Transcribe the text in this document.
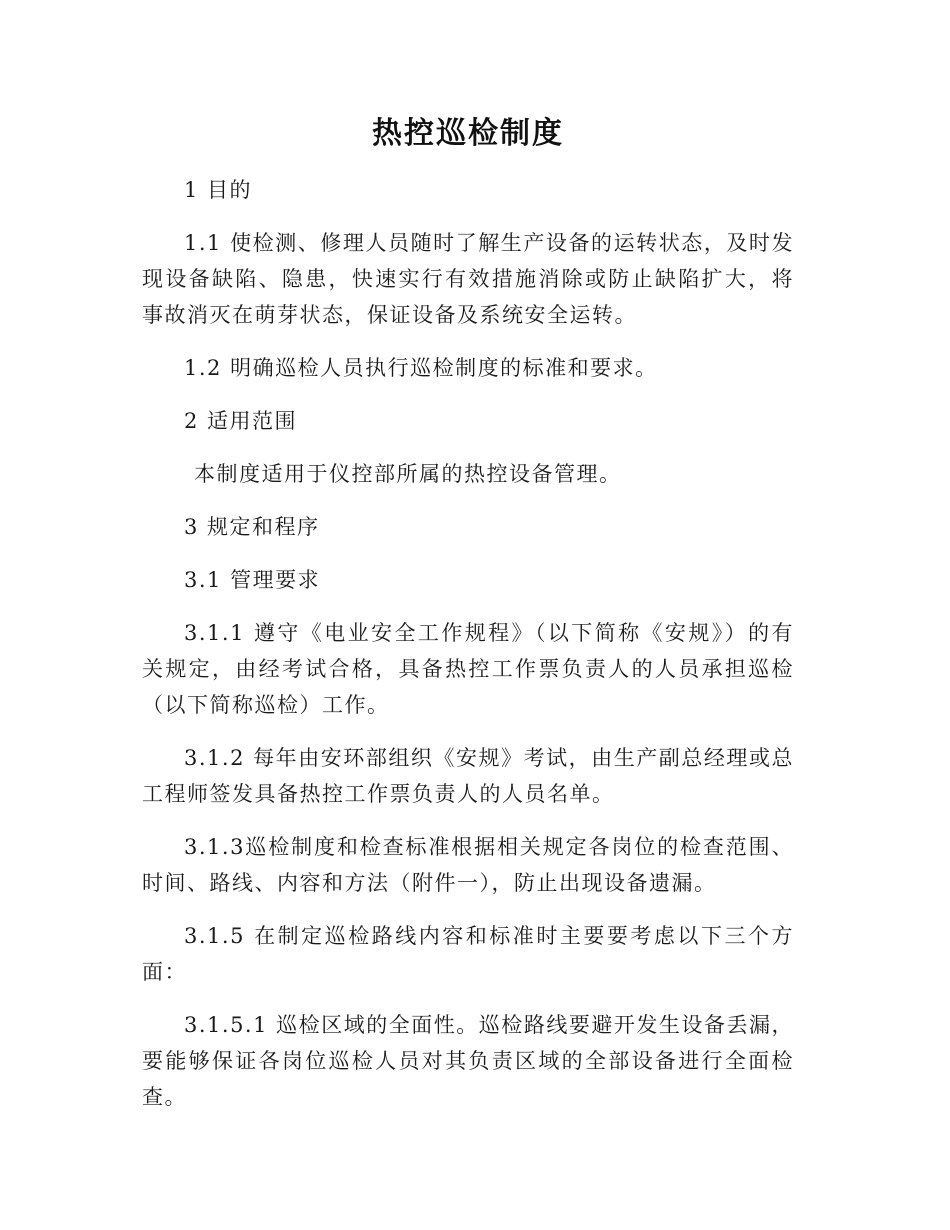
热控巡检制度

1 目的

1.1 使检测、修理人员随时了解生产设备的运转状态，及时发现设备缺陷、隐患，快速实行有效措施消除或防止缺陷扩大，将事故消灭在萌芽状态，保证设备及系统安全运转。

1.2 明确巡检人员执行巡检制度的标准和要求。

2 适用范围

本制度适用于仪控部所属的热控设备管理。

3 规定和程序

3.1 管理要求

3.1.1 遵守《电业安全工作规程》（以下简称《安规》）的有关规定，由经考试合格，具备热控工作票负责人的人员承担巡检（以下简称巡检）工作。

3.1.2 每年由安环部组织《安规》考试，由生产副总经理或总工程师签发具备热控工作票负责人的人员名单。

3.1.3巡检制度和检查标准根据相关规定各岗位的检查范围、时间、路线、内容和方法（附件一），防止出现设备遗漏。

3.1.5 在制定巡检路线内容和标准时主要要考虑以下三个方面：

3.1.5.1 巡检区域的全面性。巡检路线要避开发生设备丢漏，要能够保证各岗位巡检人员对其负责区域的全部设备进行全面检查。
